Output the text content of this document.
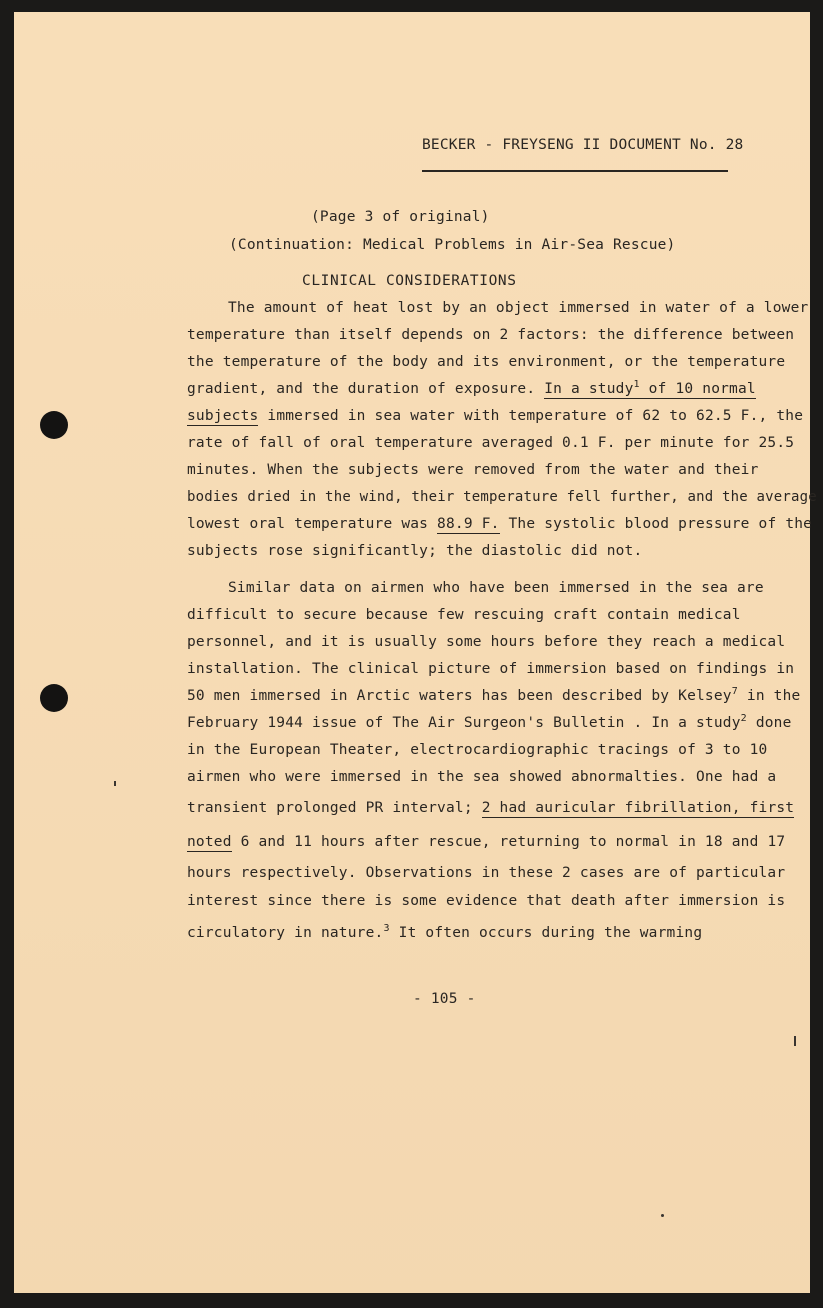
BECKER - FREYSENG II DOCUMENT No. 28
(Page 3 of original)
(Continuation: Medical Problems in Air-Sea Rescue)
CLINICAL CONSIDERATIONS
The amount of heat lost by an object immersed in water of a lower
temperature than itself depends on 2 factors: the difference between
the temperature of the body and its environment, or the temperature
gradient, and the duration of exposure. In a study$^1$ of 10 normal
subjects immersed in sea water with temperature of 62 to 62.5 F., the
rate of fall of oral temperature averaged 0.1 F. per minute for 25.5
minutes. When the subjects were removed from the water and their
bodies dried in the wind, their temperature fell further, and the average
lowest oral temperature was 88.9 F. The systolic blood pressure of the
subjects rose significantly; the diastolic did not.
Similar data on airmen who have been immersed in the sea are
difficult to secure because few rescuing craft contain medical
personnel, and it is usually some hours before they reach a medical
installation. The clinical picture of immersion based on findings in
50 men immersed in Arctic waters has been described by Kelsey$^7$ in the
February 1944 issue of The Air Surgeon's Bulletin . In a study$^2$ done
in the European Theater, electrocardiographic tracings of 3 to 10
airmen who were immersed in the sea showed abnormalties. One had a
transient prolonged PR interval; 2 had auricular fibrillation, first
noted 6 and 11 hours after rescue, returning to normal in 18 and 17
hours respectively. Observations in these 2 cases are of particular
interest since there is some evidence that death after immersion is
circulatory in nature.$^3$ It often occurs during the warming
- 105 -
